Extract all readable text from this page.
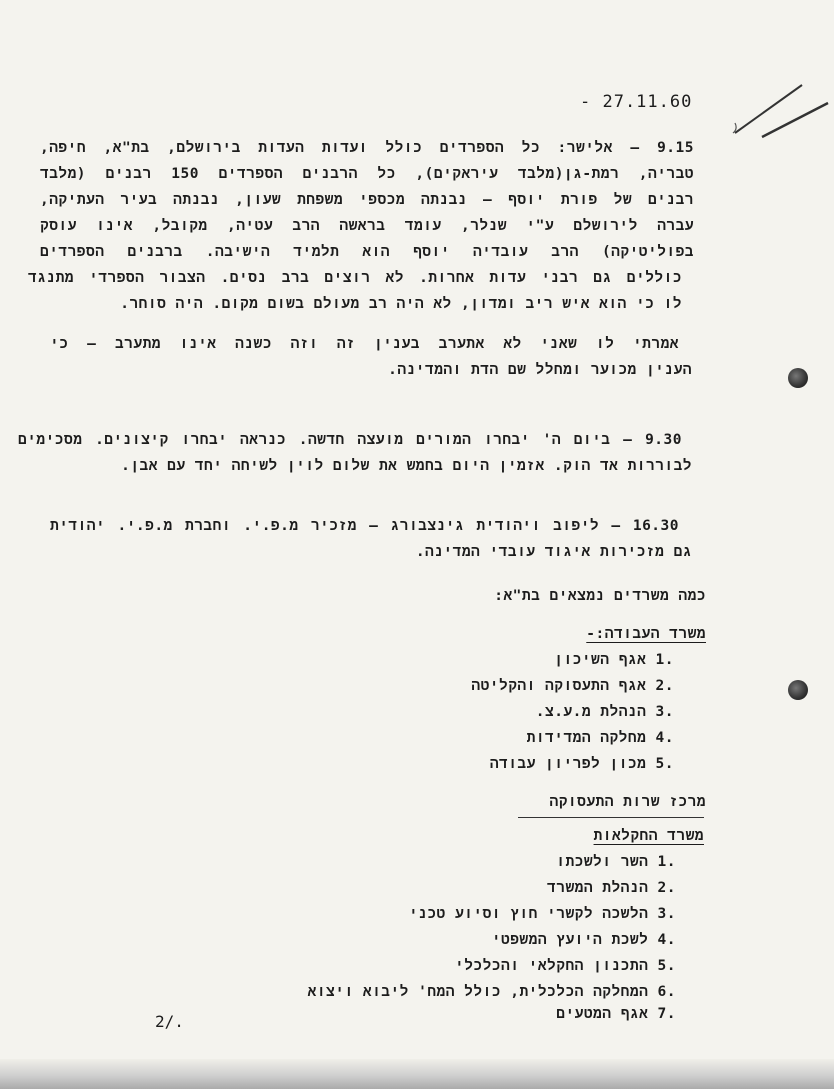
- 27.11.60
9.15 – אלישר: כל הספרדים כולל ועדות העדות בירושלם, בת"א, חיפה,
טבריה, רמת-גן(מלבד עיראקים), כל הרבנים הספרדים 150 רבנים (מלבד
רבנים של פורת יוסף – נבנתה מכספי משפחת שעון, נבנתה בעיר העתיקה,
עברה לירושלם ע"י שנלר, עומד בראשה הרב עטיה, מקובל, אינו עוסק
בפוליטיקה) הרב עובדיה יוסף הוא תלמיד הישיבה. ברבנים הספרדים
כוללים גם רבני עדות אחרות. לא רוצים ברב נסים. הצבור הספרדי מתנגד
לו כי הוא איש ריב ומדון, לא היה רב מעולם בשום מקום. היה סוחר.
אמרתי לו שאני לא אתערב בענין זה וזה כשנה אינו מתערב – כי
הענין מכוער ומחלל שם הדת והמדינה.
9.30 – ביום ה' יבחרו המורים מועצה חדשה. כנראה יבחרו קיצונים. מסכימים
לבוררות אד הוק. אזמין היום בחמש את שלום לוין לשיחה יחד עם אבן.
16.30 – ליפוב ויהודית גינצבורג – מזכיר מ.פ.י. וחברת מ.פ.י. יהודית
גם מזכירות איגוד עובדי המדינה.
כמה משרדים נמצאים בת"א:
משרד העבודה:-
.1 אגף השיכון
.2 אגף התעסוקה והקליטה
.3 הנהלת מ.ע.צ.
.4 מחלקה המדידות
.5 מכון לפריון עבודה
מרכז שרות התעסוקה
משרד החקלאות
.1 השר ולשכתו
.2 הנהלת המשרד
.3 הלשכה לקשרי חוץ וסיוע טכני
.4 לשכת היועץ המשפטי
.5 התכנון החקלאי והכלכלי
.6 המחלקה הכלכלית, כולל המח' ליבוא ויצוא
.7 אגף המטעים
2/.
